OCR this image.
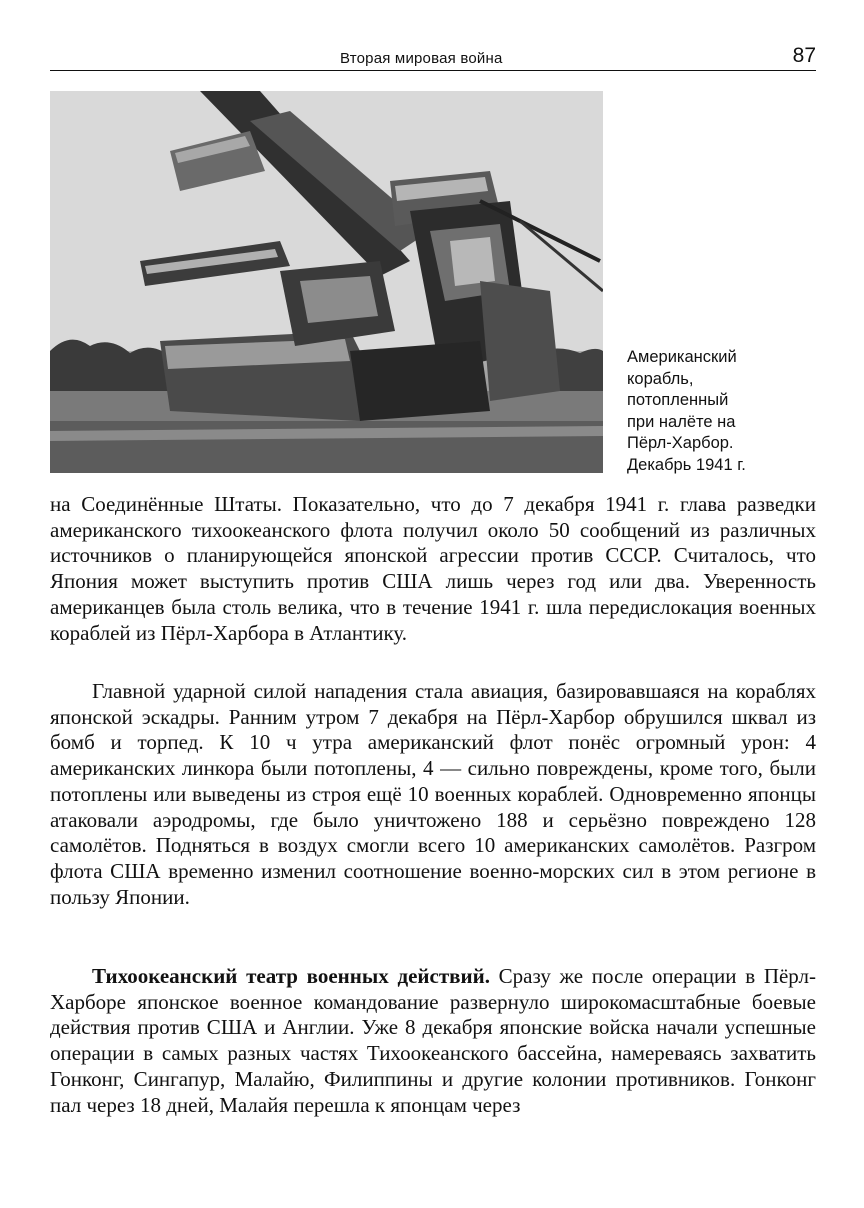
Вторая мировая война	87
Американский
корабль,
потопленный
при налёте на
Пёрл-Харбор.
Декабрь 1941 г.

на Соединённые Штаты. Показательно, что до 7 декабря 1941 г. глава разведки американского тихоокеанского флота получил около 50 сообщений из различных источников о планирующейся японской агрессии против СССР. Считалось, что Япония может выступить против США лишь через год или два. Уверенность американцев была столь велика, что в течение 1941 г. шла передислокация военных кораблей из Пёрл-Харбора в Атлантику.

Главной ударной силой нападения стала авиация, базировавшаяся на кораблях японской эскадры. Ранним утром 7 декабря на Пёрл-Харбор обрушился шквал из бомб и торпед. К 10 ч утра американский флот понёс огромный урон: 4 американских линкора были потоплены, 4 — сильно повреждены, кроме того, были потоплены или выведены из строя ещё 10 военных кораблей. Одновременно японцы атаковали аэродромы, где было уничтожено 188 и серьёзно повреждено 128 самолётов. Подняться в воздух смогли всего 10 американских самолётов. Разгром флота США временно изменил соотношение военно-морских сил в этом регионе в пользу Японии.

Тихоокеанский театр военных действий. Сразу же после операции в Пёрл-Харборе японское военное командование развернуло широкомасштабные боевые действия против США и Англии. Уже 8 декабря японские войска начали успешные операции в самых разных частях Тихоокеанского бассейна, намереваясь захватить Гонконг, Сингапур, Малайю, Филиппины и другие колонии противников. Гонконг пал через 18 дней, Малайя перешла к японцам через
